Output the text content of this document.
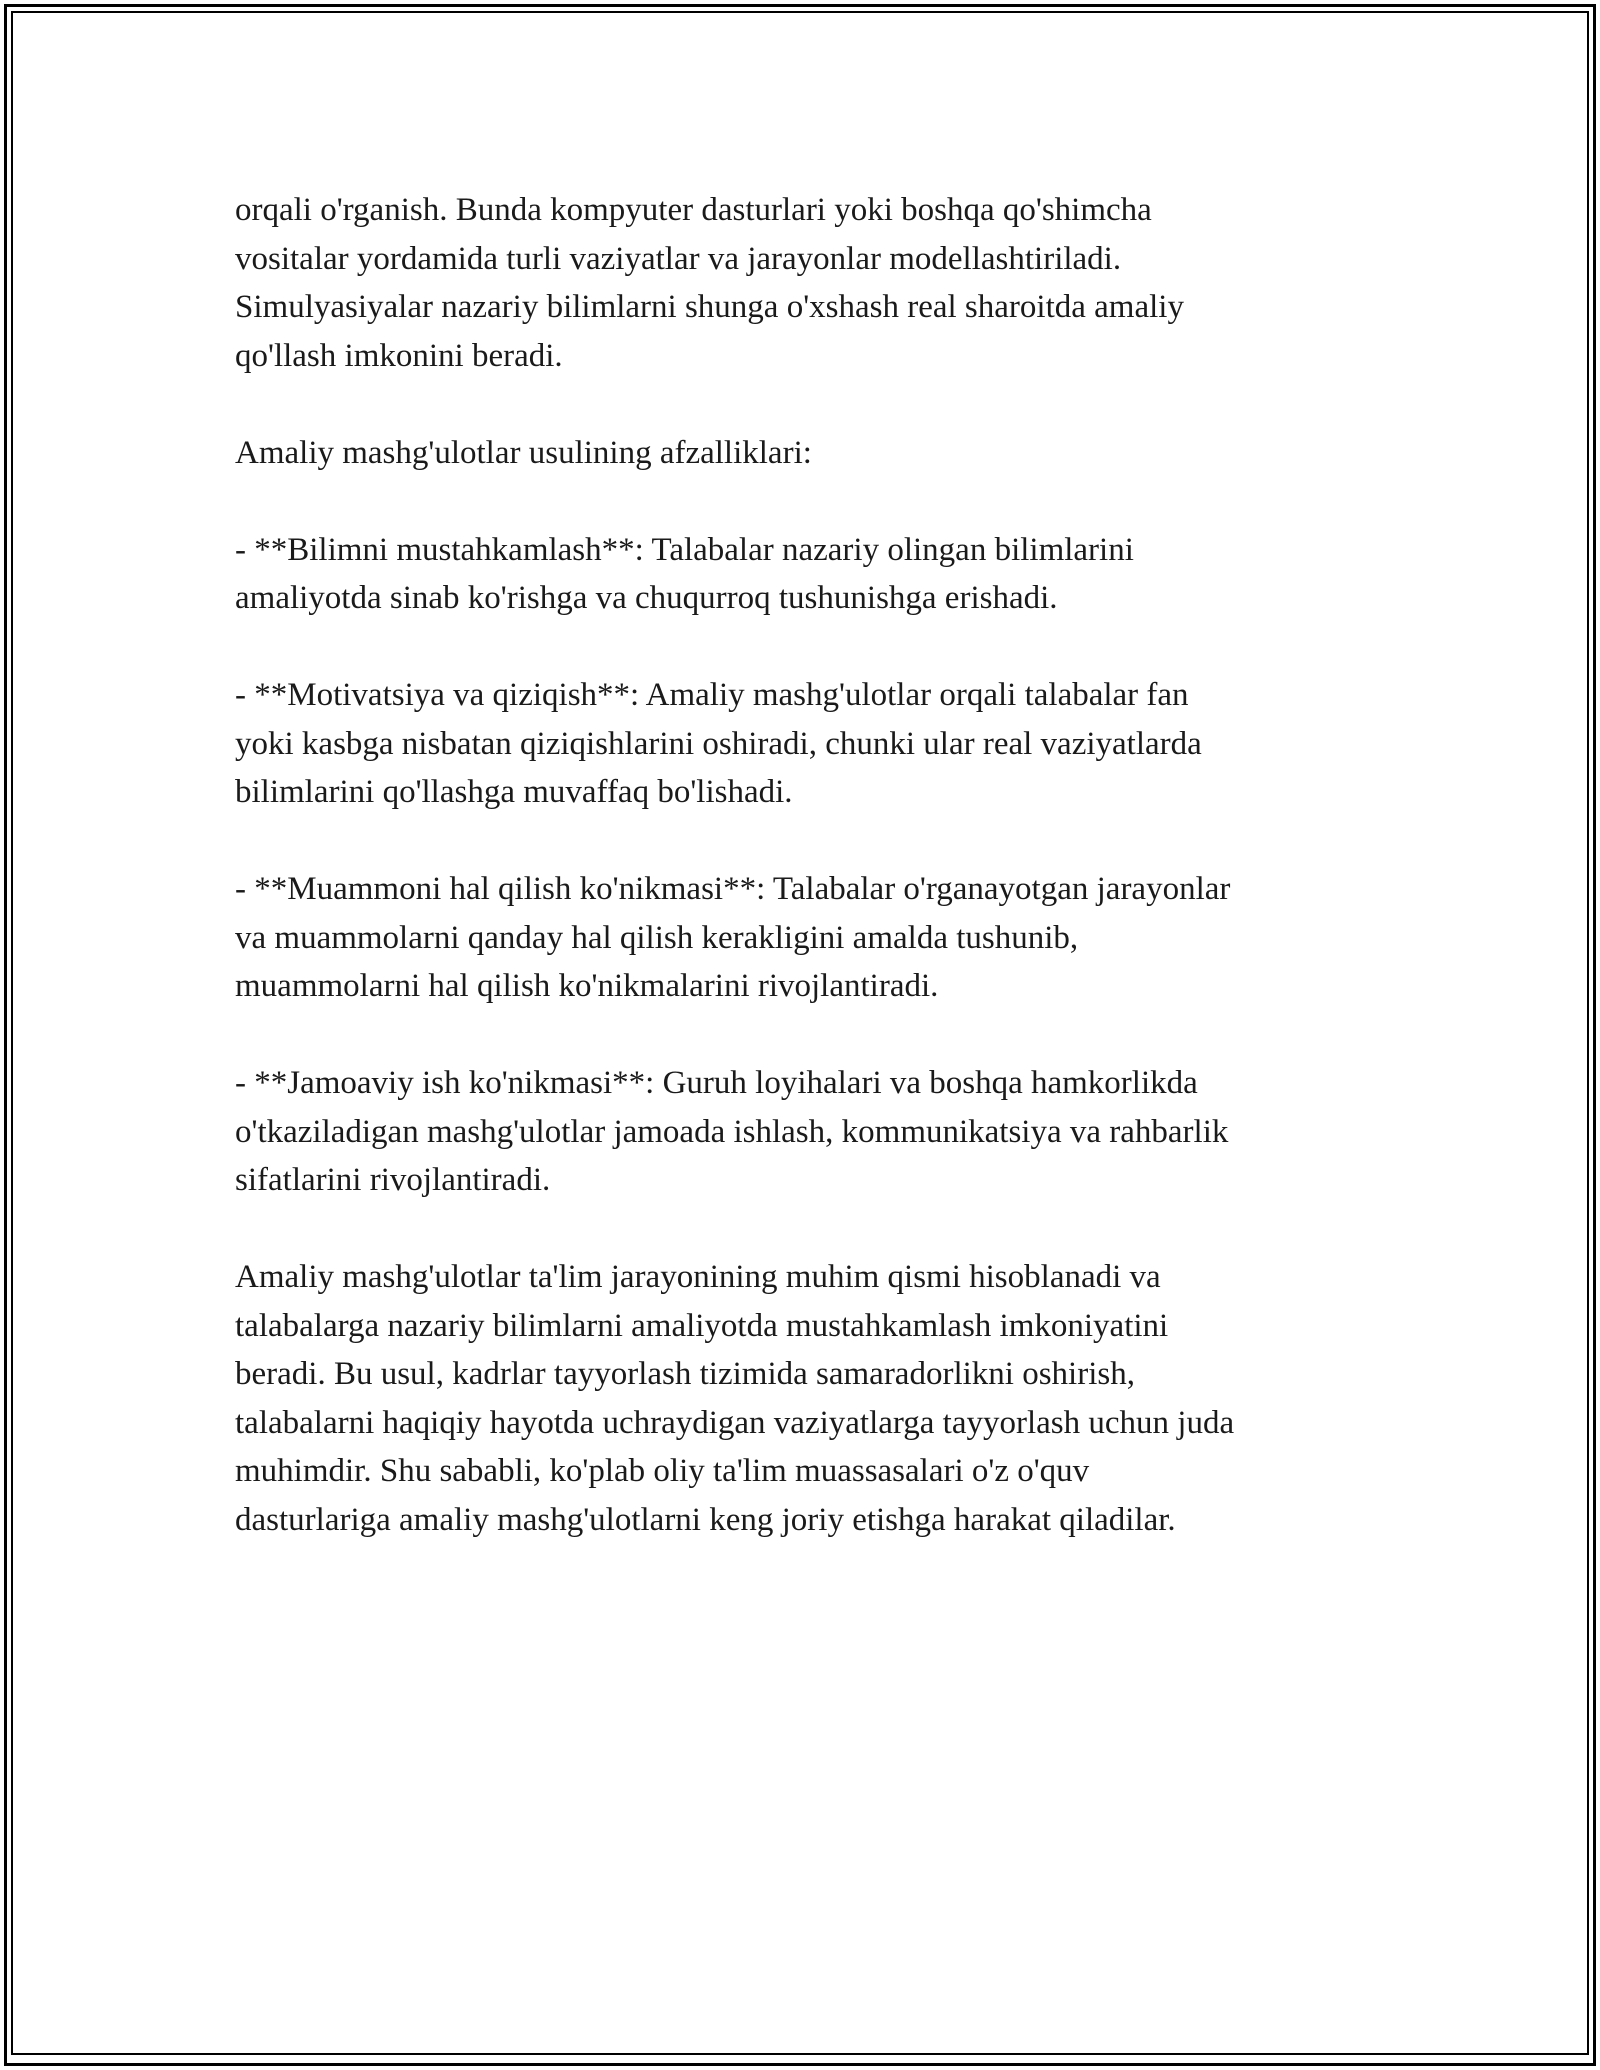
orqali o'rganish. Bunda kompyuter dasturlari yoki boshqa qo'shimcha
vositalar yordamida turli vaziyatlar va jarayonlar modellashtiriladi.
Simulyasiyalar nazariy bilimlarni shunga o'xshash real sharoitda amaliy
qo'llash imkonini beradi.

Amaliy mashg'ulotlar usulining afzalliklari:

- **Bilimni mustahkamlash**: Talabalar nazariy olingan bilimlarini
amaliyotda sinab ko'rishga va chuqurroq tushunishga erishadi.

- **Motivatsiya va qiziqish**: Amaliy mashg'ulotlar orqali talabalar fan
yoki kasbga nisbatan qiziqishlarini oshiradi, chunki ular real vaziyatlarda
bilimlarini qo'llashga muvaffaq bo'lishadi.

- **Muammoni hal qilish ko'nikmasi**: Talabalar o'rganayotgan jarayonlar
va muammolarni qanday hal qilish kerakligini amalda tushunib,
muammolarni hal qilish ko'nikmalarini rivojlantiradi.

- **Jamoaviy ish ko'nikmasi**: Guruh loyihalari va boshqa hamkorlikda
o'tkaziladigan mashg'ulotlar jamoada ishlash, kommunikatsiya va rahbarlik
sifatlarini rivojlantiradi.

Amaliy mashg'ulotlar ta'lim jarayonining muhim qismi hisoblanadi va
talabalarga nazariy bilimlarni amaliyotda mustahkamlash imkoniyatini
beradi. Bu usul, kadrlar tayyorlash tizimida samaradorlikni oshirish,
talabalarni haqiqiy hayotda uchraydigan vaziyatlarga tayyorlash uchun juda
muhimdir. Shu sababli, ko'plab oliy ta'lim muassasalari o'z o'quv
dasturlariga amaliy mashg'ulotlarni keng joriy etishga harakat qiladilar.
